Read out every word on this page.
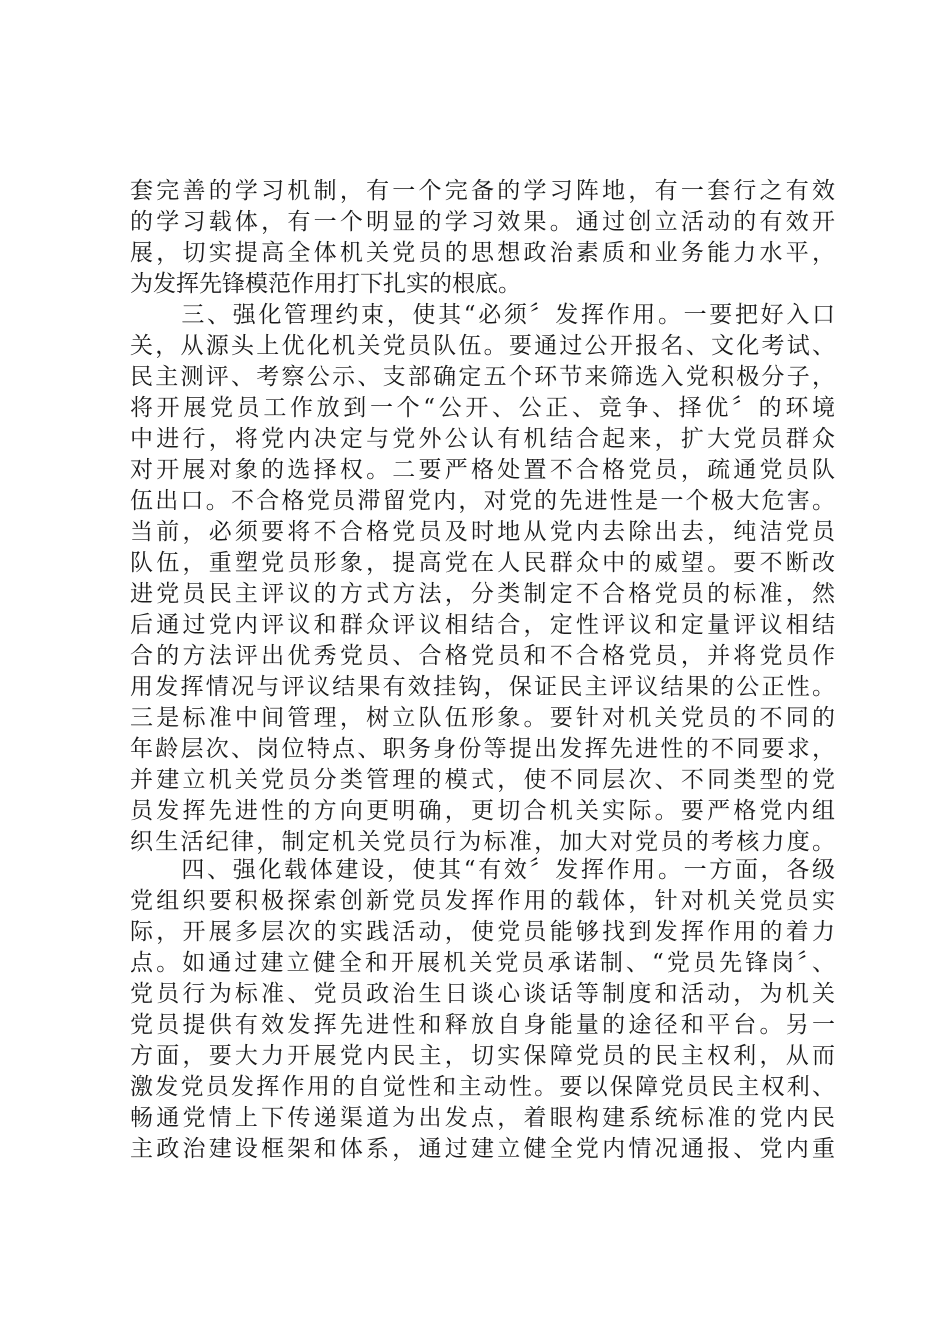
套完善的学习机制，有一个完备的学习阵地，有一套行之有效
的学习载体，有一个明显的学习效果。通过创立活动的有效开
展，切实提高全体机关党员的思想政治素质和业务能力水平，
为发挥先锋模范作用打下扎实的根底。
　　三、强化管理约束，使其“必须〞发挥作用。一要把好入口
关，从源头上优化机关党员队伍。要通过公开报名、文化考试、
民主测评、考察公示、支部确定五个环节来筛选入党积极分子，
将开展党员工作放到一个“公开、公正、竞争、择优〞的环境
中进行，将党内决定与党外公认有机结合起来，扩大党员群众
对开展对象的选择权。二要严格处置不合格党员，疏通党员队
伍出口。不合格党员滞留党内，对党的先进性是一个极大危害。
当前，必须要将不合格党员及时地从党内去除出去，纯洁党员
队伍，重塑党员形象，提高党在人民群众中的威望。要不断改
进党员民主评议的方式方法，分类制定不合格党员的标准，然
后通过党内评议和群众评议相结合，定性评议和定量评议相结
合的方法评出优秀党员、合格党员和不合格党员，并将党员作
用发挥情况与评议结果有效挂钩，保证民主评议结果的公正性。
三是标准中间管理，树立队伍形象。要针对机关党员的不同的
年龄层次、岗位特点、职务身份等提出发挥先进性的不同要求，
并建立机关党员分类管理的模式，使不同层次、不同类型的党
员发挥先进性的方向更明确，更切合机关实际。要严格党内组
织生活纪律，制定机关党员行为标准，加大对党员的考核力度。
　　四、强化载体建设，使其“有效〞发挥作用。一方面，各级
党组织要积极探索创新党员发挥作用的载体，针对机关党员实
际，开展多层次的实践活动，使党员能够找到发挥作用的着力
点。如通过建立健全和开展机关党员承诺制、“党员先锋岗〞、
党员行为标准、党员政治生日谈心谈话等制度和活动，为机关
党员提供有效发挥先进性和释放自身能量的途径和平台。另一
方面，要大力开展党内民主，切实保障党员的民主权利，从而
激发党员发挥作用的自觉性和主动性。要以保障党员民主权利、
畅通党情上下传递渠道为出发点，着眼构建系统标准的党内民
主政治建设框架和体系，通过建立健全党内情况通报、党内重
